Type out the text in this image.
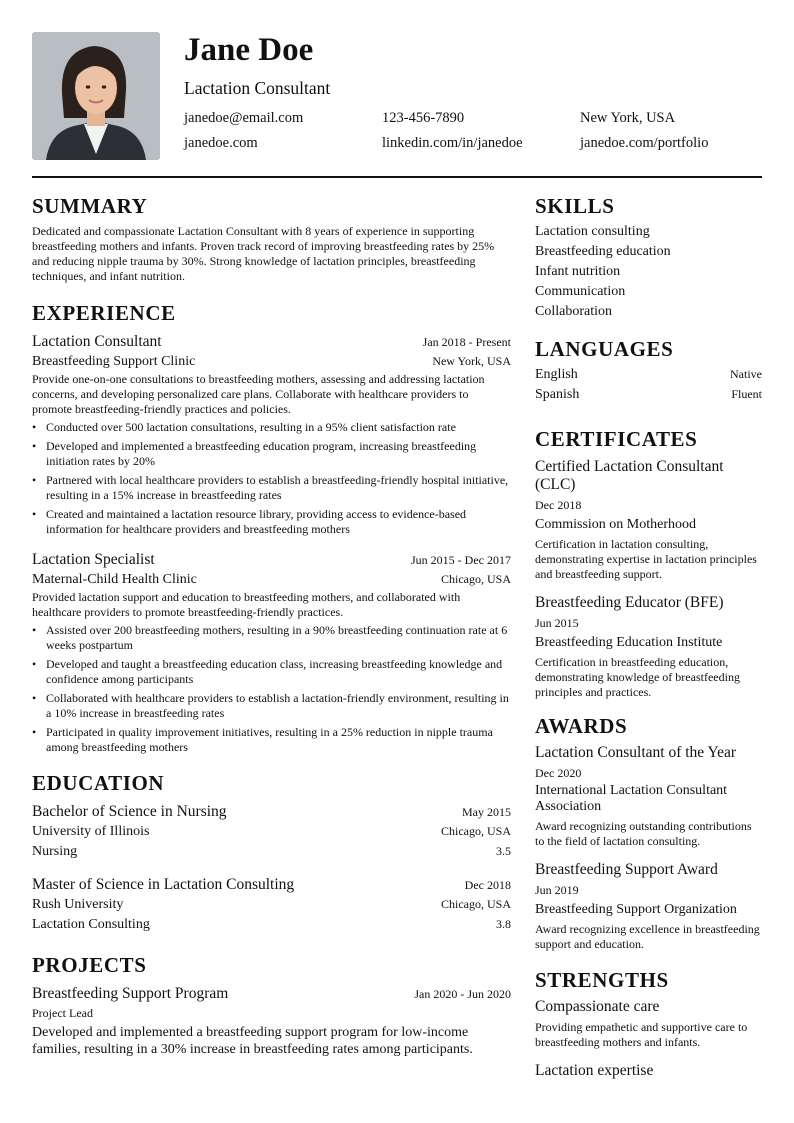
Jane Doe
Lactation Consultant
janedoe@email.com	123-456-7890	New York, USA
janedoe.com	linkedin.com/in/janedoe	janedoe.com/portfolio
SUMMARY
Dedicated and compassionate Lactation Consultant with 8 years of experience in supporting breastfeeding mothers and infants. Proven track record of improving breastfeeding rates by 25% and reducing nipple trauma by 30%. Strong knowledge of lactation principles, breastfeeding techniques, and infant nutrition.
EXPERIENCE
Lactation Consultant	Jan 2018 - Present
Breastfeeding Support Clinic	New York, USA
Provide one-on-one consultations to breastfeeding mothers, assessing and addressing lactation concerns, and developing personalized care plans. Collaborate with healthcare providers to promote breastfeeding-friendly practices and policies.
• Conducted over 500 lactation consultations, resulting in a 95% client satisfaction rate
• Developed and implemented a breastfeeding education program, increasing breastfeeding initiation rates by 20%
• Partnered with local healthcare providers to establish a breastfeeding-friendly hospital initiative, resulting in a 15% increase in breastfeeding rates
• Created and maintained a lactation resource library, providing access to evidence-based information for healthcare providers and breastfeeding mothers
Lactation Specialist	Jun 2015 - Dec 2017
Maternal-Child Health Clinic	Chicago, USA
Provided lactation support and education to breastfeeding mothers, and collaborated with healthcare providers to promote breastfeeding-friendly practices.
• Assisted over 200 breastfeeding mothers, resulting in a 90% breastfeeding continuation rate at 6 weeks postpartum
• Developed and taught a breastfeeding education class, increasing breastfeeding knowledge and confidence among participants
• Collaborated with healthcare providers to establish a lactation-friendly environment, resulting in a 10% increase in breastfeeding rates
• Participated in quality improvement initiatives, resulting in a 25% reduction in nipple trauma among breastfeeding mothers
EDUCATION
Bachelor of Science in Nursing	May 2015
University of Illinois	Chicago, USA
Nursing	3.5
Master of Science in Lactation Consulting	Dec 2018
Rush University	Chicago, USA
Lactation Consulting	3.8
PROJECTS
Breastfeeding Support Program	Jan 2020 - Jun 2020
Project Lead
Developed and implemented a breastfeeding support program for low-income families, resulting in a 30% increase in breastfeeding rates among participants.
SKILLS
Lactation consulting
Breastfeeding education
Infant nutrition
Communication
Collaboration
LANGUAGES
English	Native
Spanish	Fluent
CERTIFICATES
Certified Lactation Consultant (CLC)
Dec 2018
Commission on Motherhood
Certification in lactation consulting, demonstrating expertise in lactation principles and breastfeeding support.
Breastfeeding Educator (BFE)
Jun 2015
Breastfeeding Education Institute
Certification in breastfeeding education, demonstrating knowledge of breastfeeding principles and practices.
AWARDS
Lactation Consultant of the Year
Dec 2020
International Lactation Consultant Association
Award recognizing outstanding contributions to the field of lactation consulting.
Breastfeeding Support Award
Jun 2019
Breastfeeding Support Organization
Award recognizing excellence in breastfeeding support and education.
STRENGTHS
Compassionate care
Providing empathetic and supportive care to breastfeeding mothers and infants.
Lactation expertise
